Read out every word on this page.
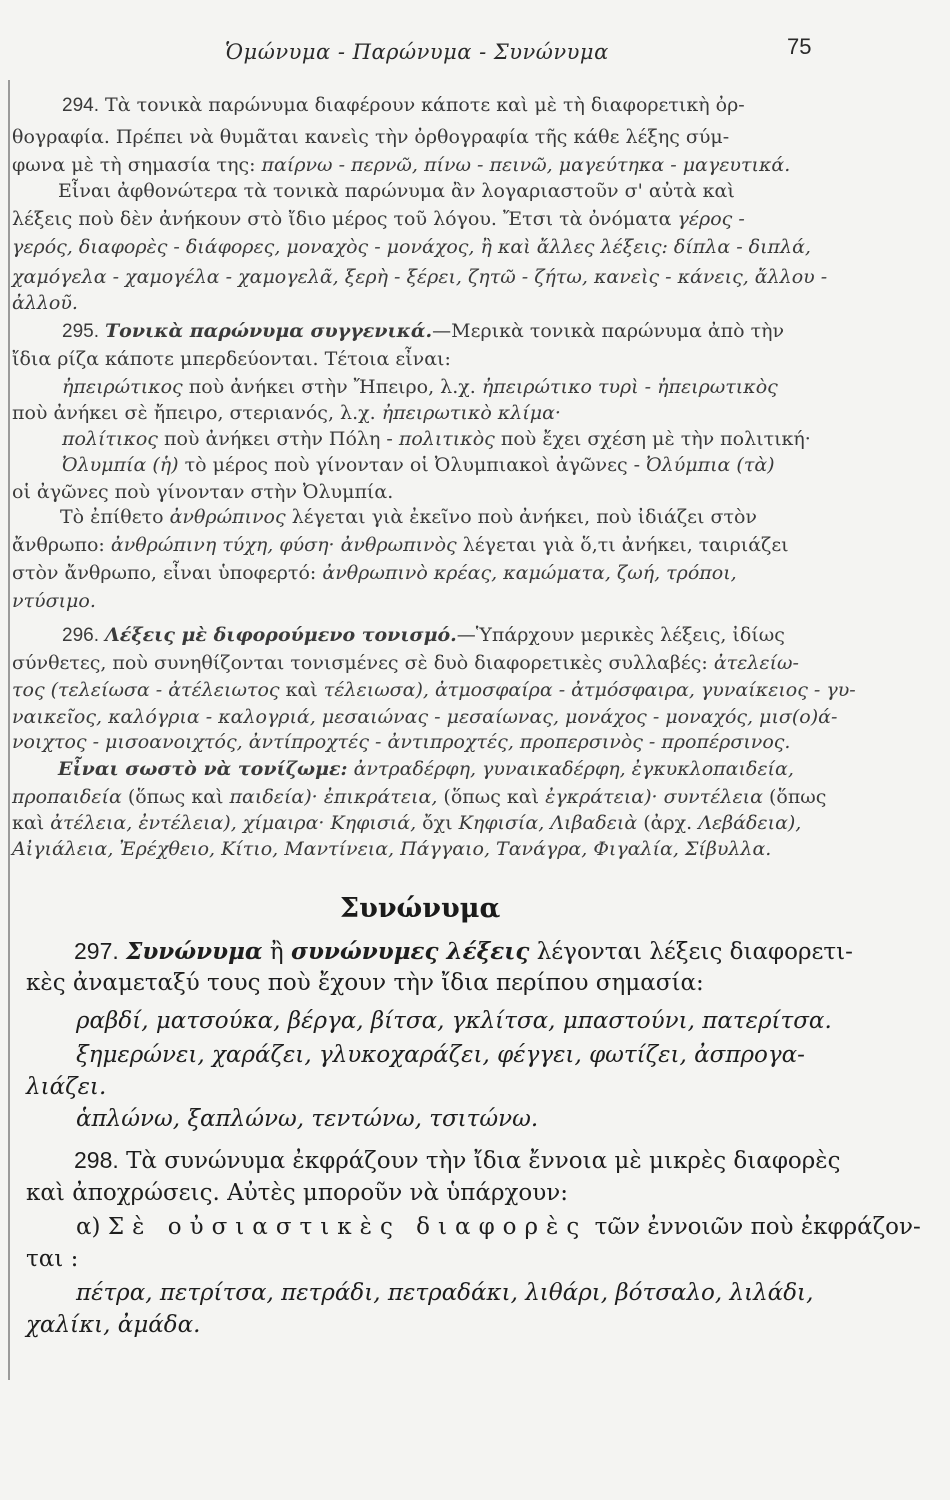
Ὁμώνυμα - Παρώνυμα - Συνώνυμα	75
294. Τὰ τονικὰ παρώνυμα διαφέρουν κάποτε καὶ μὲ τὴ διαφορετικὴ ὀρ-
θογραφία. Πρέπει νὰ θυμᾶται κανεὶς τὴν ὀρθογραφία τῆς κάθε λέξης σύμ-
φωνα μὲ τὴ σημασία της: παίρνω - περνῶ, πίνω - πεινῶ, μαγεύτηκα - μαγευτικά.
Εἶναι ἀφθονώτερα τὰ τονικὰ παρώνυμα ἂν λογαριαστοῦν σ' αὐτὰ καὶ
λέξεις ποὺ δὲν ἀνήκουν στὸ ἴδιο μέρος τοῦ λόγου. Ἔτσι τὰ ὀνόματα γέρος -
γερός, διαφορὲς - διάφορες, μοναχὸς - μονάχος, ἢ καὶ ἄλλες λέξεις: δίπλα - διπλά,
χαμόγελα - χαμογέλα - χαμογελᾶ, ξερὴ - ξέρει, ζητῶ - ζήτω, κανεὶς - κάνεις, ἄλλου -
ἀλλοῦ.
295. Τονικὰ παρώνυμα συγγενικά.—Μερικὰ τονικὰ παρώνυμα ἀπὸ τὴν
ἴδια ρίζα κάποτε μπερδεύονται. Τέτοια εἶναι:
ἠπειρώτικος ποὺ ἀνήκει στὴν Ἤπειρο, λ.χ. ἠπειρώτικο τυρὶ - ἠπειρωτικὸς
ποὺ ἀνήκει σὲ ἤπειρο, στεριανός, λ.χ. ἠπειρωτικὸ κλίμα·
πολίτικος ποὺ ἀνήκει στὴν Πόλη - πολιτικὸς ποὺ ἔχει σχέση μὲ τὴν πολιτική·
Ὀλυμπία (ἡ) τὸ μέρος ποὺ γίνονταν οἱ Ὀλυμπιακοὶ ἀγῶνες - Ὀλύμπια (τὰ)
οἱ ἀγῶνες ποὺ γίνονταν στὴν Ὀλυμπία.
Τὸ ἐπίθετο ἀνθρώπινος λέγεται γιὰ ἐκεῖνο ποὺ ἀνήκει, ποὺ ἰδιάζει στὸν
ἄνθρωπο: ἀνθρώπινη τύχη, φύση· ἀνθρωπινὸς λέγεται γιὰ ὅ,τι ἀνήκει, ταιριάζει
στὸν ἄνθρωπο, εἶναι ὑποφερτό: ἀνθρωπινὸ κρέας, καμώματα, ζωή, τρόποι,
ντύσιμο.
296. Λέξεις μὲ διφορούμενο τονισμό.—Ὑπάρχουν μερικὲς λέξεις, ἰδίως
σύνθετες, ποὺ συνηθίζονται τονισμένες σὲ δυὸ διαφορετικὲς συλλαβές: ἀτελείω-
τος (τελείωσα - ἀτέλειωτος καὶ τέλειωσα), ἀτμοσφαίρα - ἀτμόσφαιρα, γυναίκειος - γυ-
ναικεῖος, καλόγρια - καλογριά, μεσαιώνας - μεσαίωνας, μονάχος - μοναχός, μισ(ο)ά-
νοιχτος - μισοανοιχτός, ἀντίπροχτές - ἀντιπροχτές, προπερσινὸς - προπέρσινος.
Εἶναι σωστὸ νὰ τονίζωμε: ἀντραδέρφη, γυναικαδέρφη, ἐγκυκλοπαιδεία,
προπαιδεία (ὅπως καὶ παιδεία)· ἐπικράτεια, (ὅπως καὶ ἐγκράτεια)· συντέλεια (ὅπως
καὶ ἀτέλεια, ἐντέλεια), χίμαιρα· Κηφισιά, ὄχι Κηφισία, Λιβαδειὰ (ἀρχ. Λεβάδεια),
Αἰγιάλεια, Ἐρέχθειο, Κίτιο, Μαντίνεια, Πάγγαιο, Τανάγρα, Φιγαλία, Σίβυλλα.
Συνώνυμα
297. Συνώνυμα ἢ συνώνυμες λέξεις λέγονται λέξεις διαφορετι-
κὲς ἀναμεταξύ τους ποὺ ἔχουν τὴν ἴδια περίπου σημασία:
ραβδί, ματσούκα, βέργα, βίτσα, γκλίτσα, μπαστούνι, πατερίτσα.
ξημερώνει, χαράζει, γλυκοχαράζει, φέγγει, φωτίζει, ἀσπρογα-
λιάζει.
ἁπλώνω, ξαπλώνω, τεντώνω, τσιτώνω.
298. Τὰ συνώνυμα ἐκφράζουν τὴν ἴδια ἔννοια μὲ μικρὲς διαφορὲς
καὶ ἀποχρώσεις. Αὐτὲς μποροῦν νὰ ὑπάρχουν:
α) Σὲ οὐσιαστικὲς διαφορὲς τῶν ἐννοιῶν ποὺ ἐκφράζον-
ται :
πέτρα, πετρίτσα, πετράδι, πετραδάκι, λιθάρι, βότσαλο, λιλάδι,
χαλίκι, ἀμάδα.
